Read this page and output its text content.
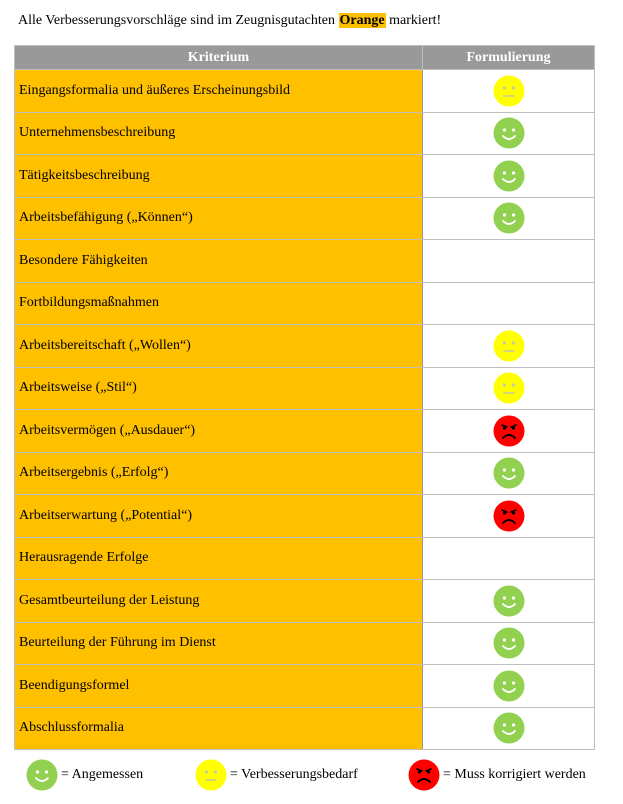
Alle Verbesserungsvorschläge sind im Zeugnisgutachten Orange markiert!
Kriterium	Formulierung
Eingangsformalia und äußeres Erscheinungsbild	
Unternehmensbeschreibung	
Tätigkeitsbeschreibung	
Arbeitsbefähigung („Können“)	
Besondere Fähigkeiten	
Fortbildungsmaßnahmen	
Arbeitsbereitschaft („Wollen“)	
Arbeitsweise („Stil“)	
Arbeitsvermögen („Ausdauer“)	
Arbeitsergebnis („Erfolg“)	
Arbeitserwartung („Potential“)	
Herausragende Erfolge	
Gesamtbeurteilung der Leistung	
Beurteilung der Führung im Dienst	
Beendigungsformel	
Abschlussformalia	
= Angemessen	= Verbesserungsbedarf	= Muss korrigiert werden
